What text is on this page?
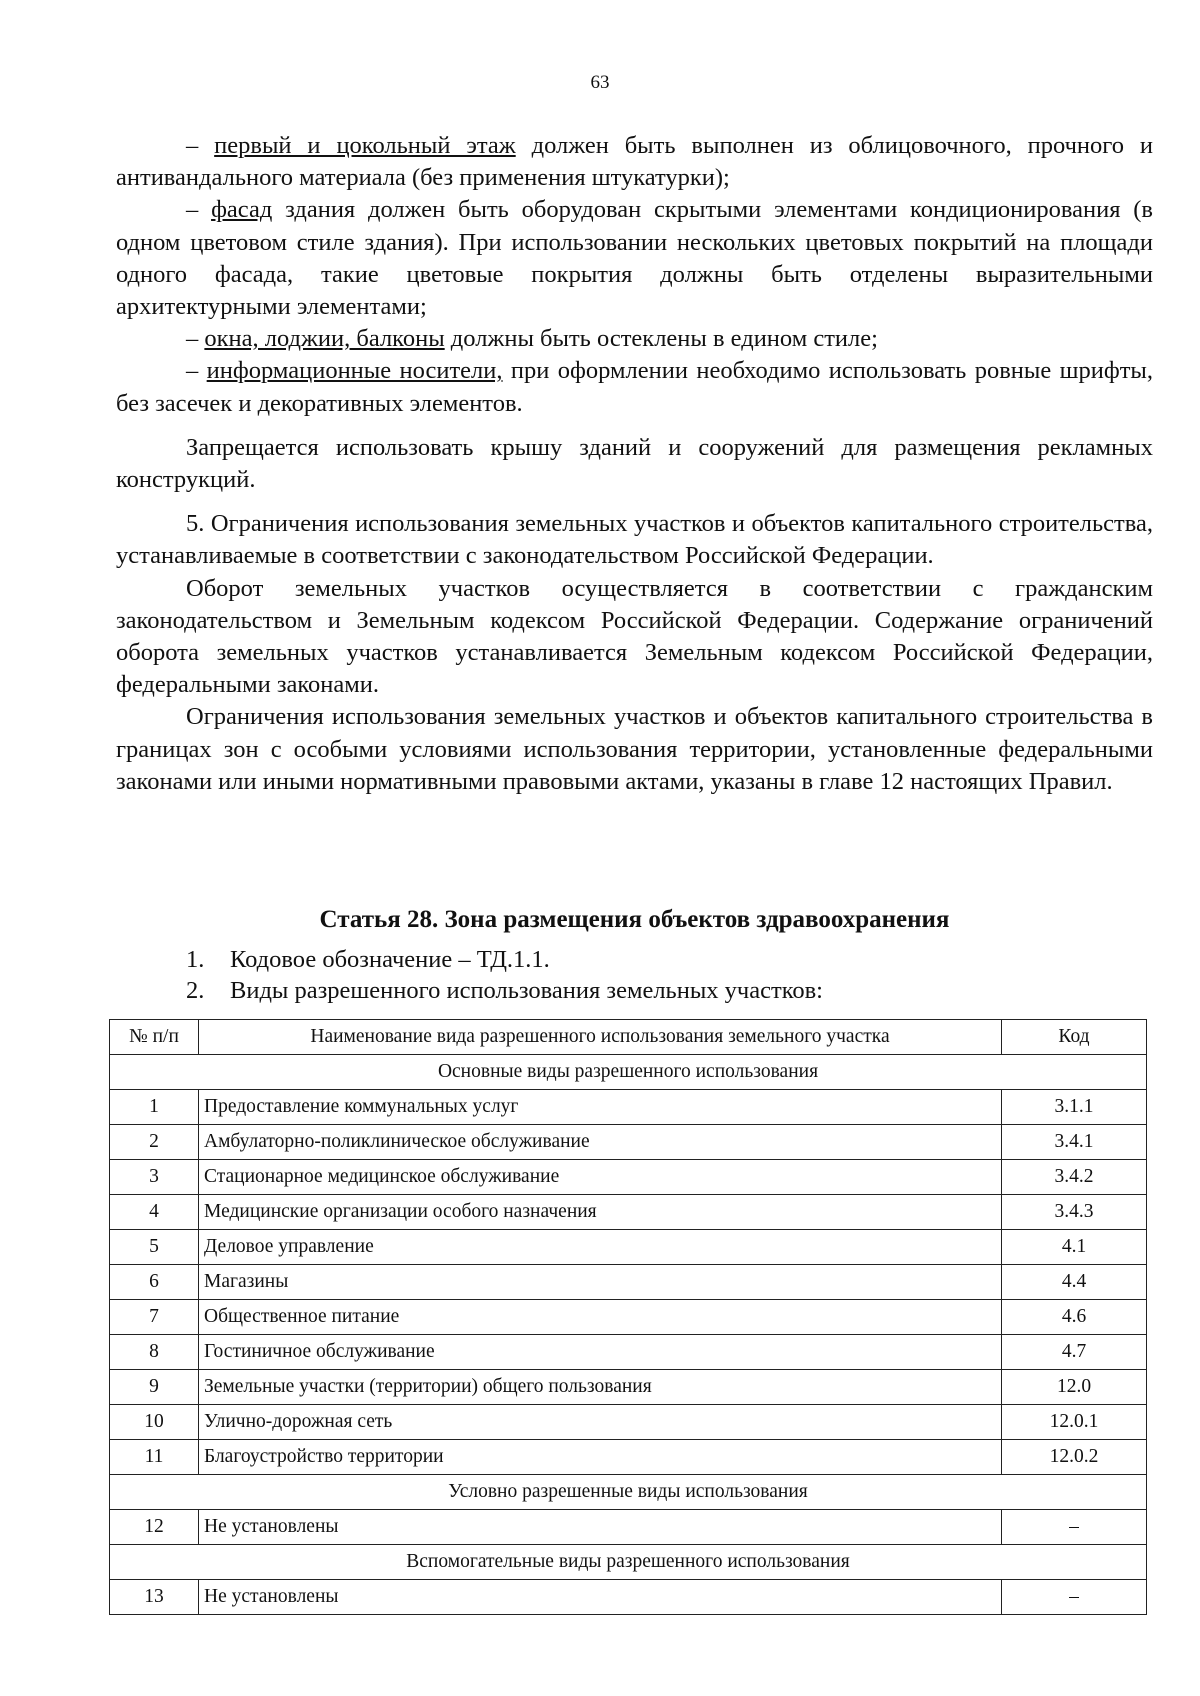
63

– первый и цокольный этаж должен быть выполнен из облицовочного, прочного и антивандального материала (без применения штукатурки);

– фасад здания должен быть оборудован скрытыми элементами кондиционирования (в одном цветовом стиле здания). При использовании нескольких цветовых покрытий на площади одного фасада, такие цветовые покрытия должны быть отделены выразительными архитектурными элементами;

– окна, лоджии, балконы должны быть остеклены в едином стиле;

– информационные носители, при оформлении необходимо использовать ровные шрифты, без засечек и декоративных элементов.

Запрещается использовать крышу зданий и сооружений для размещения рекламных конструкций.

5. Ограничения использования земельных участков и объектов капитального строительства, устанавливаемые в соответствии с законодательством Российской Федерации.

Оборот земельных участков осуществляется в соответствии с гражданским законодательством и Земельным кодексом Российской Федерации. Содержание ограничений оборота земельных участков устанавливается Земельным кодексом Российской Федерации, федеральными законами.

Ограничения использования земельных участков и объектов капитального строительства в границах зон с особыми условиями использования территории, установленные федеральными законами или иными нормативными правовыми актами, указаны в главе 12 настоящих Правил.

Статья 28. Зона размещения объектов здравоохранения
1. Кодовое обозначение – ТД.1.1.
2. Виды разрешенного использования земельных участков:
№ п/п	Наименование вида разрешенного использования земельного участка	Код
Основные виды разрешенного использования		
1	Предоставление коммунальных услуг	3.1.1
2	Амбулаторно-поликлиническое обслуживание	3.4.1
3	Стационарное медицинское обслуживание	3.4.2
4	Медицинские организации особого назначения	3.4.3
5	Деловое управление	4.1
6	Магазины	4.4
7	Общественное питание	4.6
8	Гостиничное обслуживание	4.7
9	Земельные участки (территории) общего пользования	12.0
10	Улично-дорожная сеть	12.0.1
11	Благоустройство территории	12.0.2
Условно разрешенные виды использования		
12	Не установлены	–
Вспомогательные виды разрешенного использования		
13	Не установлены	–
